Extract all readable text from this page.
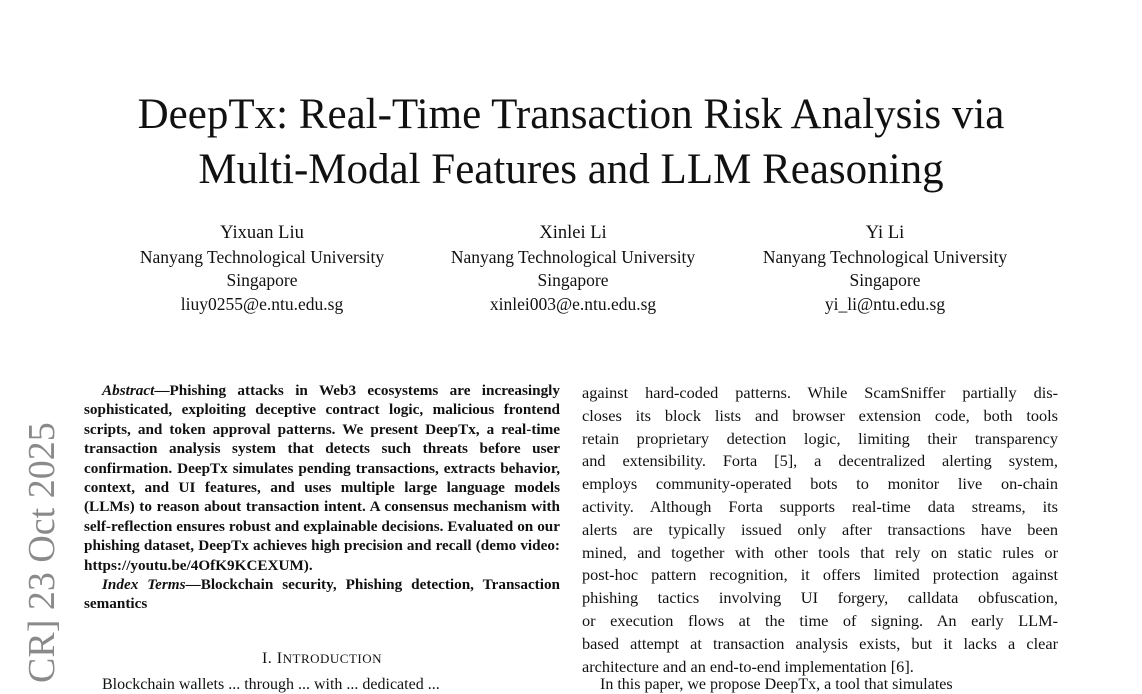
DeepTx: Real-Time Transaction Risk Analysis via
Multi-Modal Features and LLM Reasoning
Yixuan Liu
Nanyang Technological University
Singapore
liuy0255@e.ntu.edu.sg
Xinlei Li
Nanyang Technological University
Singapore
xinlei003@e.ntu.edu.sg
Yi Li
Nanyang Technological University
Singapore
yi_li@ntu.edu.sg
CR] 23 Oct 2025

Abstract—Phishing attacks in Web3 ecosystems are increasingly sophisticated, exploiting deceptive contract logic, malicious frontend scripts, and token approval patterns. We present DeepTx, a real-time transaction analysis system that detects such threats before user confirmation. DeepTx simulates pending transactions, extracts behavior, context, and UI features, and uses multiple large language models (LLMs) to reason about transaction intent. A consensus mechanism with self-reflection ensures robust and explainable decisions. Evaluated on our phishing dataset, DeepTx achieves high precision and recall (demo video: https://youtu.be/4OfK9KCEXUM).

Index Terms—Blockchain security, Phishing detection, Transaction semantics

I. INTRODUCTION
Blockchain wallets ... through ... with ... dedicated ...
against hard-coded patterns. While ScamSniffer partially dis-
closes its block lists and browser extension code, both tools
retain proprietary detection logic, limiting their transparency
and extensibility. Forta [5], a decentralized alerting system,
employs community-operated bots to monitor live on-chain
activity. Although Forta supports real-time data streams, its
alerts are typically issued only after transactions have been
mined, and together with other tools that rely on static rules or
post-hoc pattern recognition, it offers limited protection against
phishing tactics involving UI forgery, calldata obfuscation,
or execution flows at the time of signing. An early LLM-
based attempt at transaction analysis exists, but it lacks a clear
architecture and an end-to-end implementation [6].
In this paper, we propose DeepTx, a tool that simulates
